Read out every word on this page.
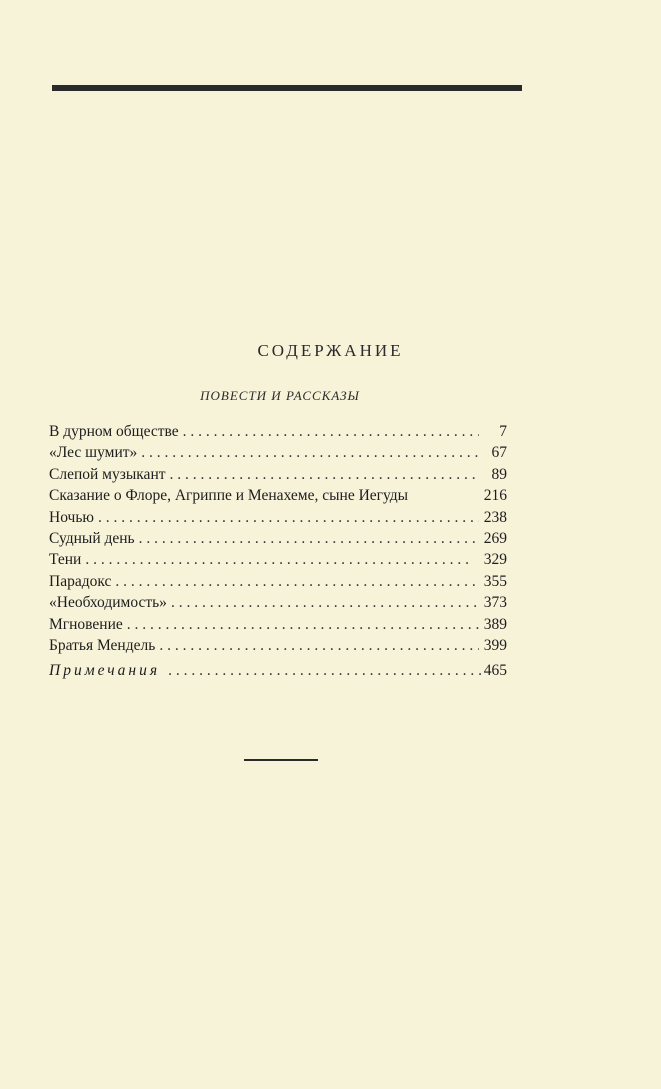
СОДЕРЖАНИЕ
ПОВЕСТИ И РАССКАЗЫ
В дурном обществе . . .	7
«Лес шумит» . . .	67
Слепой музыкант . . .	89
Сказание о Флоре, Агриппе и Менахеме, сыне Иегуды	216
Ночью . . .	238
Судный день . . .	269
Тени . . .	329
Парадокс . . .	355
«Необходимость» . . .	373
Мгновение . . .	389
Братья Мендель . . .	399
Примечания . . .	465
